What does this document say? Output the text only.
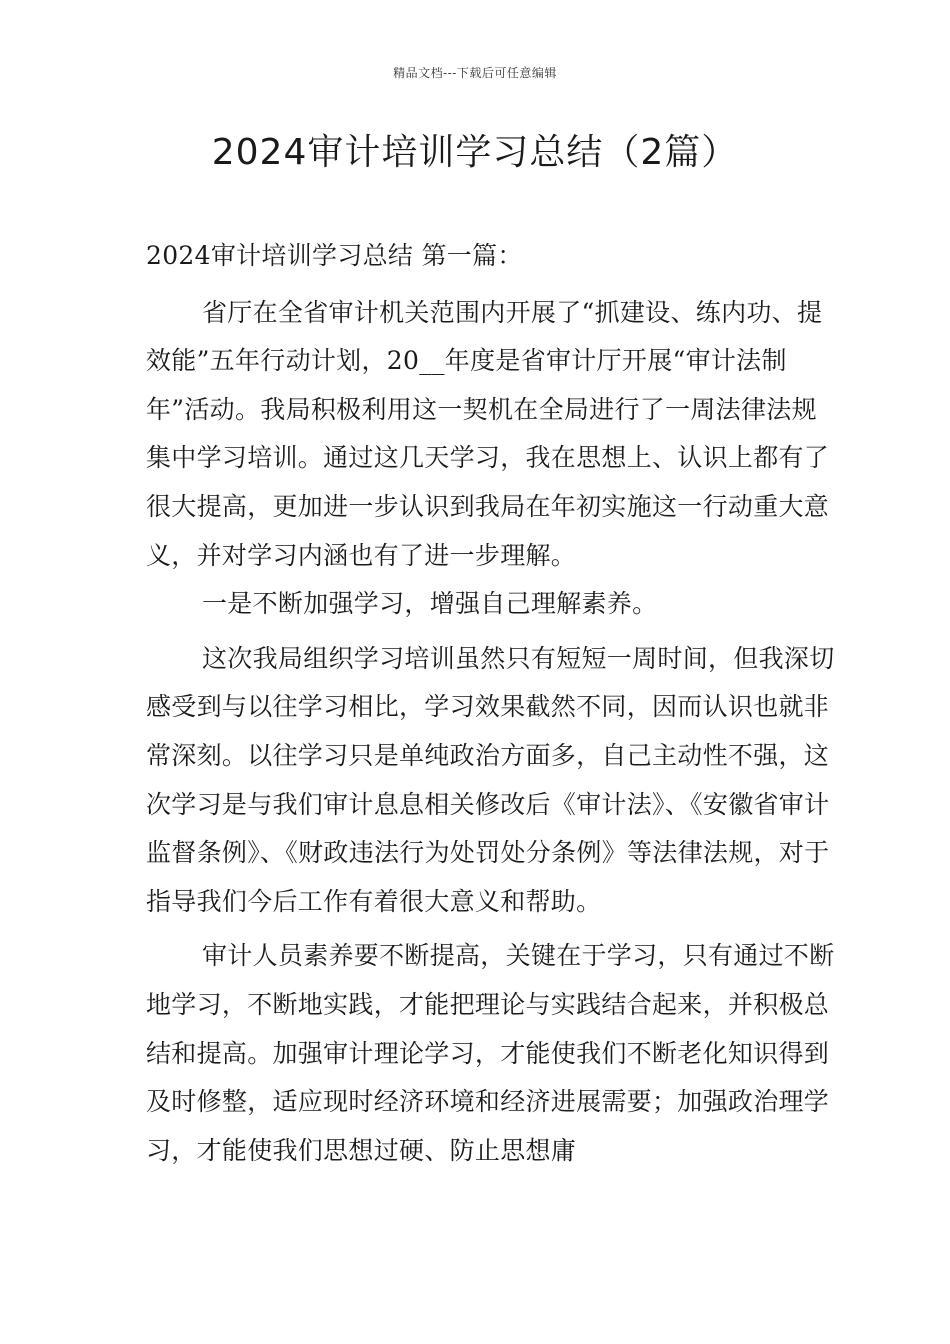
精品文档---下载后可任意编辑
2024审计培训学习总结（2篇）

2024审计培训学习总结 第一篇：

省厅在全省审计机关范围内开展了“抓建设、练内功、提效能”五年行动计划，20__年度是省审计厅开展“审计法制年”活动。我局积极利用这一契机在全局进行了一周法律法规集中学习培训。通过这几天学习，我在思想上、认识上都有了很大提高，更加进一步认识到我局在年初实施这一行动重大意义，并对学习内涵也有了进一步理解。

一是不断加强学习，增强自己理解素养。

这次我局组织学习培训虽然只有短短一周时间，但我深切感受到与以往学习相比，学习效果截然不同，因而认识也就非常深刻。以往学习只是单纯政治方面多，自己主动性不强，这次学习是与我们审计息息相关修改后《审计法》、《安徽省审计监督条例》、《财政违法行为处罚处分条例》等法律法规，对于指导我们今后工作有着很大意义和帮助。

审计人员素养要不断提高，关键在于学习，只有通过不断地学习，不断地实践，才能把理论与实践结合起来，并积极总结和提高。加强审计理论学习，才能使我们不断老化知识得到及时修整，适应现时经济环境和经济进展需要；加强政治理学习，才能使我们思想过硬、防止思想庸
